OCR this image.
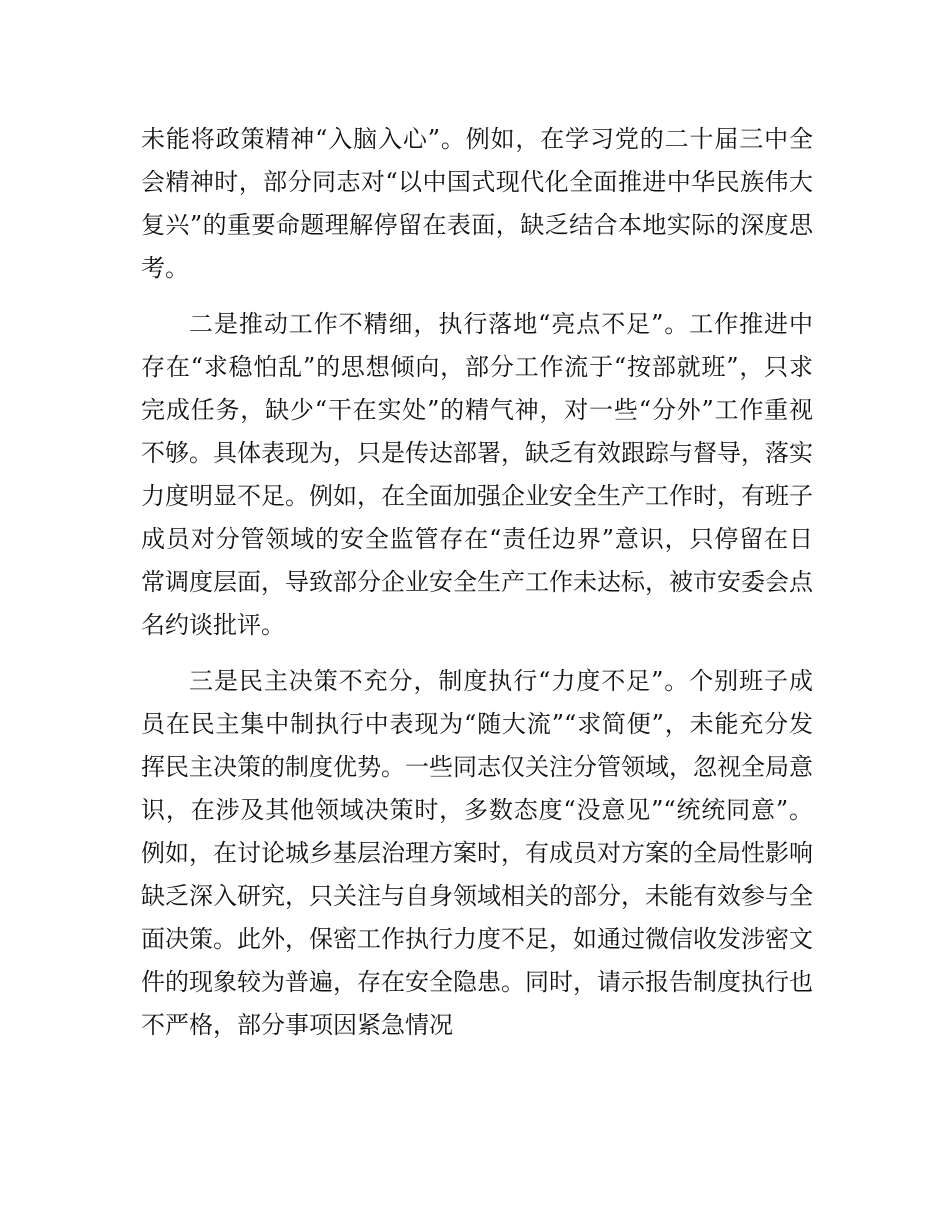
未能将政策精神“入脑入心”。例如，在学习党的二十届三中全会精神时，部分同志对“以中国式现代化全面推进中华民族伟大复兴”的重要命题理解停留在表面，缺乏结合本地实际的深度思考。

二是推动工作不精细，执行落地“亮点不足”。工作推进中存在“求稳怕乱”的思想倾向，部分工作流于“按部就班”，只求完成任务，缺少“干在实处”的精气神，对一些“分外”工作重视不够。具体表现为，只是传达部署，缺乏有效跟踪与督导，落实力度明显不足。例如，在全面加强企业安全生产工作时，有班子成员对分管领域的安全监管存在“责任边界”意识，只停留在日常调度层面，导致部分企业安全生产工作未达标，被市安委会点名约谈批评。

三是民主决策不充分，制度执行“力度不足”。个别班子成员在民主集中制执行中表现为“随大流”“求简便”，未能充分发挥民主决策的制度优势。一些同志仅关注分管领域，忽视全局意识，在涉及其他领域决策时，多数态度“没意见”“统统同意”。例如，在讨论城乡基层治理方案时，有成员对方案的全局性影响缺乏深入研究，只关注与自身领域相关的部分，未能有效参与全面决策。此外，保密工作执行力度不足，如通过微信收发涉密文件的现象较为普遍，存在安全隐患。同时，请示报告制度执行也不严格，部分事项因紧急情况
